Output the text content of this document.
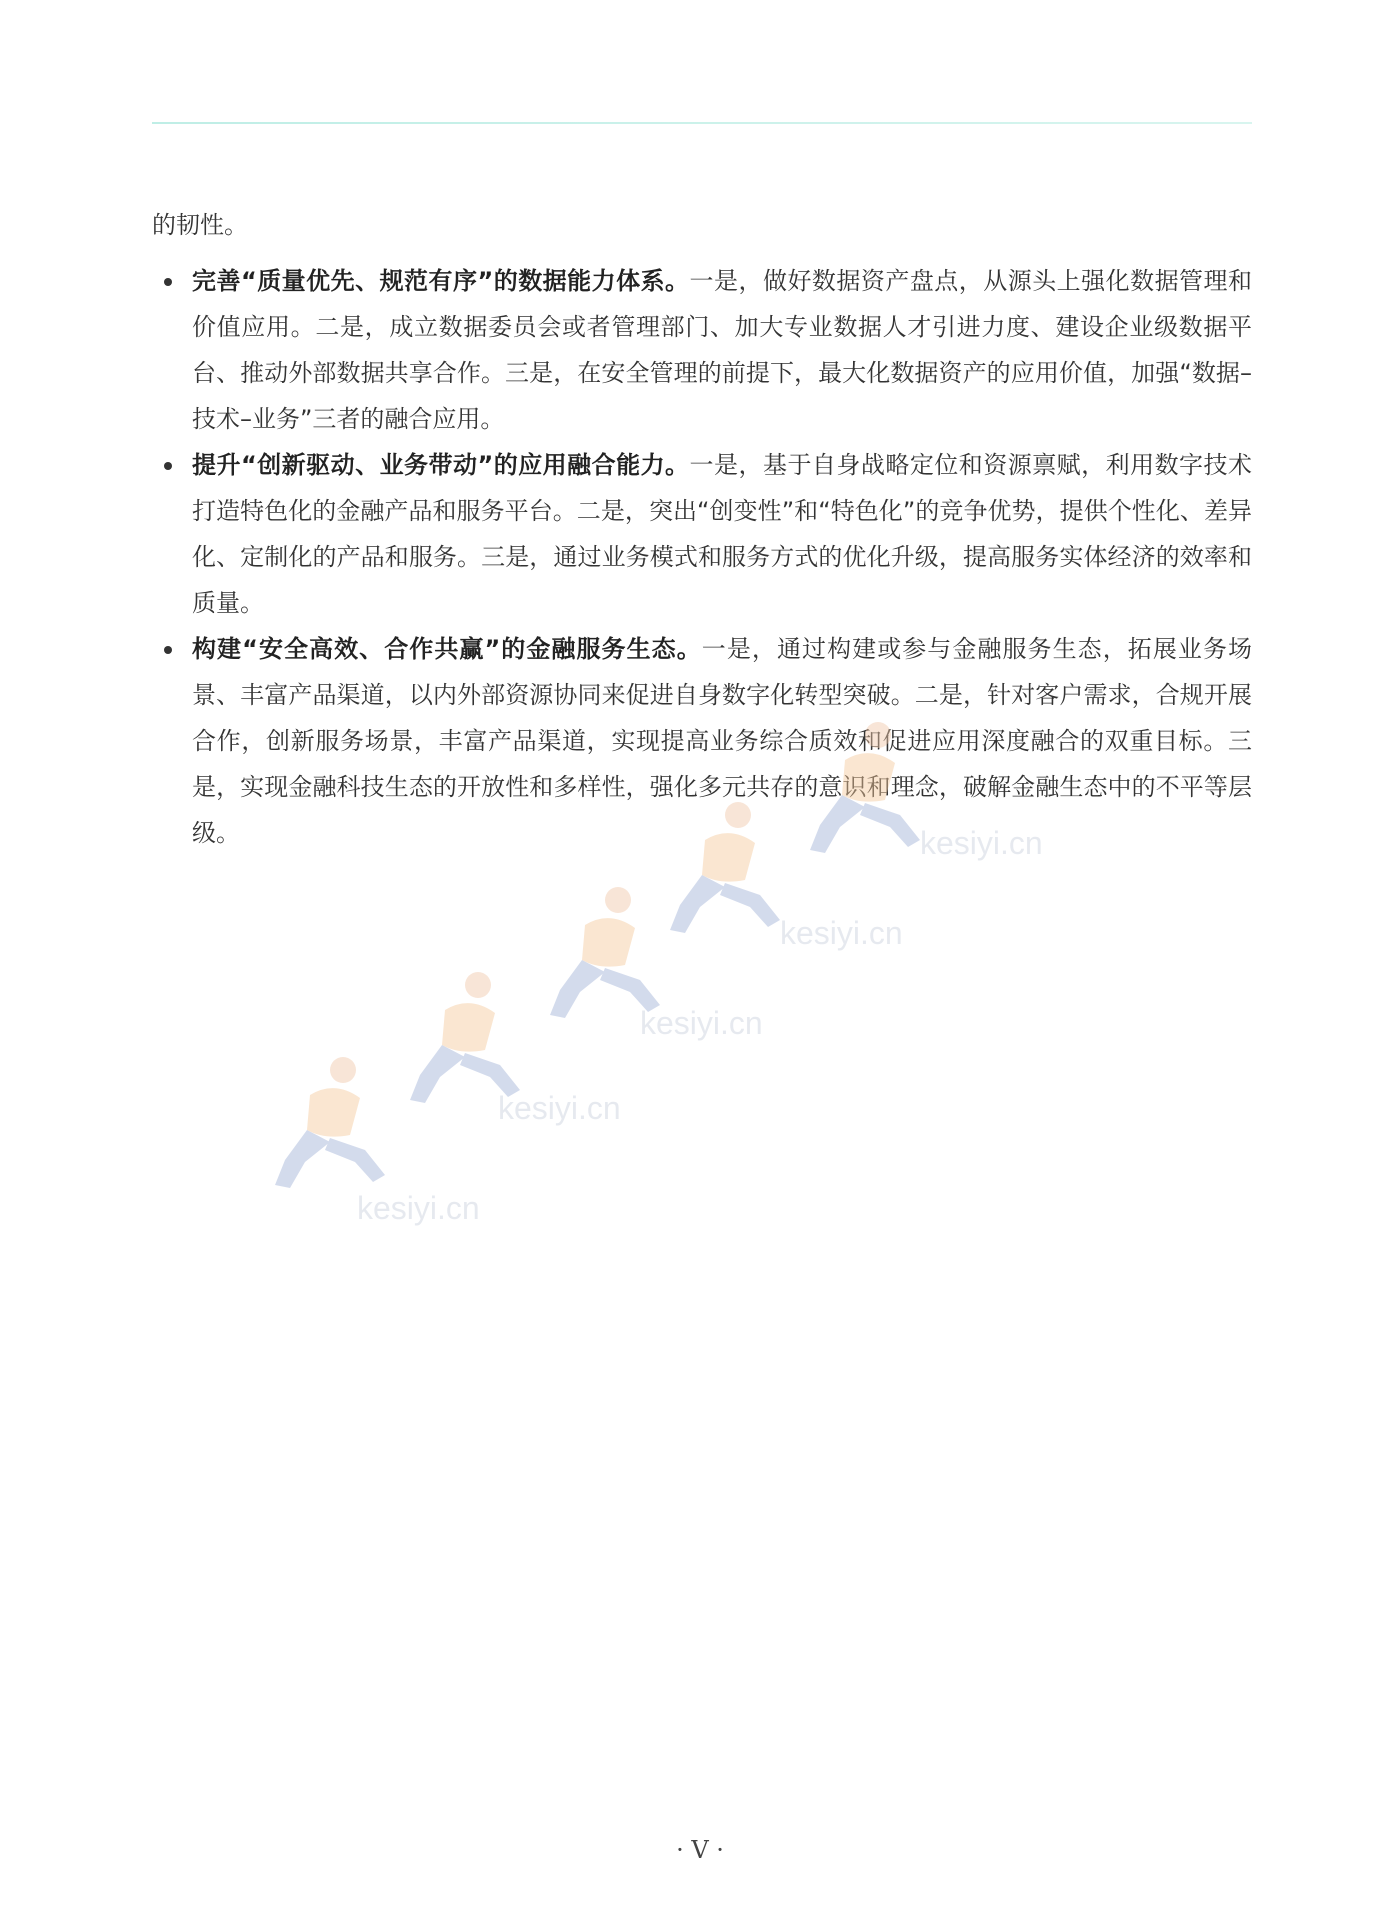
的韧性。

完善“质量优先、规范有序”的数据能力体系。一是，做好数据资产盘点，从源头上强化数据管理和价值应用。二是，成立数据委员会或者管理部门、加大专业数据人才引进力度、建设企业级数据平台、推动外部数据共享合作。三是，在安全管理的前提下，最大化数据资产的应用价值，加强“数据–技术–业务”三者的融合应用。
提升“创新驱动、业务带动”的应用融合能力。一是，基于自身战略定位和资源禀赋，利用数字技术打造特色化的金融产品和服务平台。二是，突出“创变性”和“特色化”的竞争优势，提供个性化、差异化、定制化的产品和服务。三是，通过业务模式和服务方式的优化升级，提高服务实体经济的效率和质量。
构建“安全高效、合作共赢”的金融服务生态。一是，通过构建或参与金融服务生态，拓展业务场景、丰富产品渠道，以内外部资源协同来促进自身数字化转型突破。二是，针对客户需求，合规开展合作，创新服务场景，丰富产品渠道，实现提高业务综合质效和促进应用深度融合的双重目标。三是，实现金融科技生态的开放性和多样性，强化多元共存的意识和理念，破解金融生态中的不平等层级。	kesiyi.cn
kesiyi.cn
kesiyi.cn
kesiyi.cn
kesiyi.cn
· V ·
